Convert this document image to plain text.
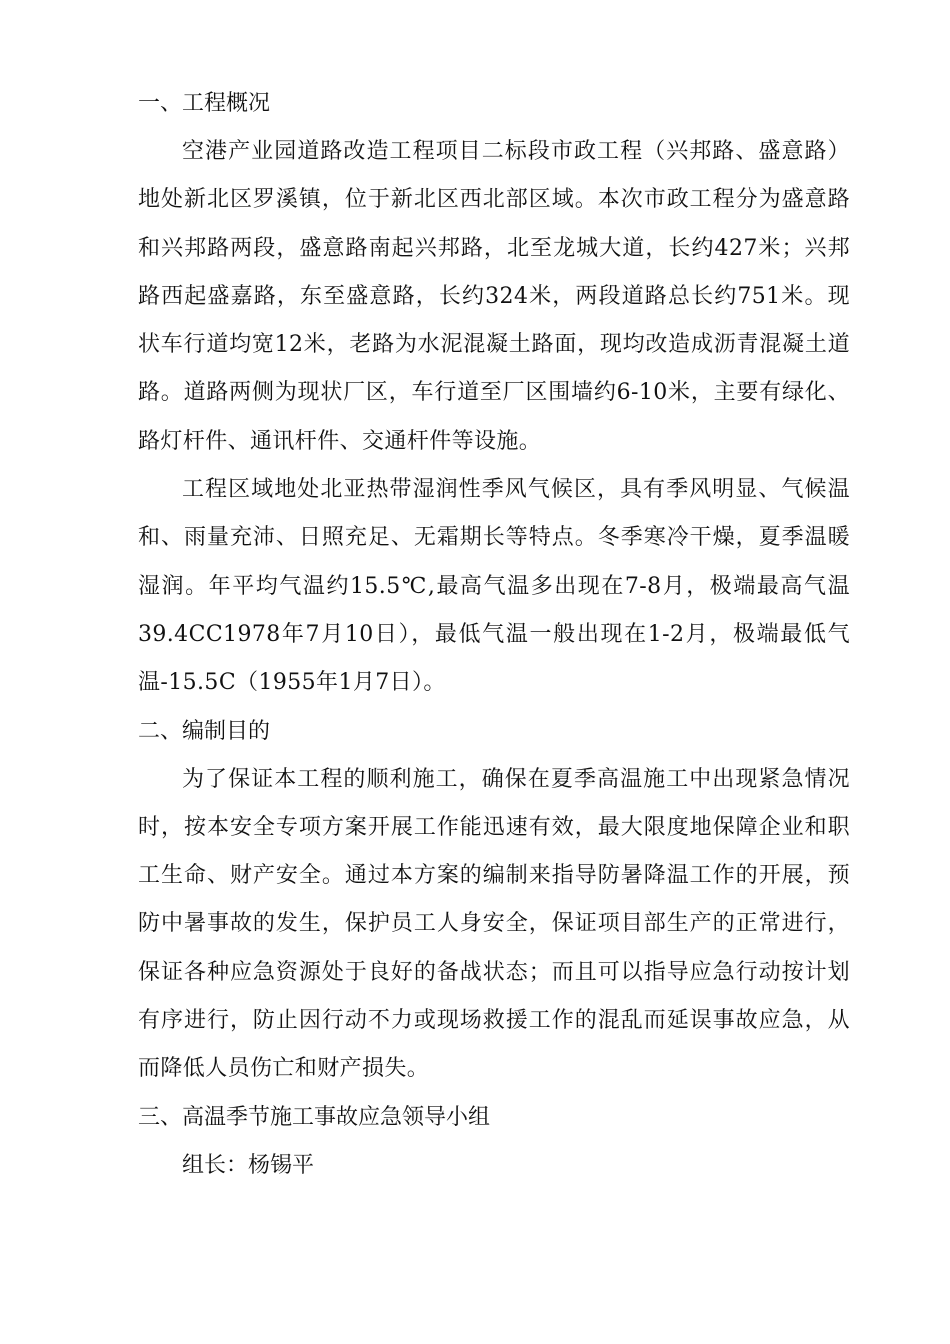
一、工程概况

空港产业园道路改造工程项目二标段市政工程（兴邦路、盛意路）地处新北区罗溪镇，位于新北区西北部区域。本次市政工程分为盛意路和兴邦路两段，盛意路南起兴邦路，北至龙城大道，长约427米；兴邦路西起盛嘉路，东至盛意路，长约324米，两段道路总长约751米。现状车行道均宽12米，老路为水泥混凝土路面，现均改造成沥青混凝土道路。道路两侧为现状厂区，车行道至厂区围墙约6-10米，主要有绿化、路灯杆件、通讯杆件、交通杆件等设施。

工程区域地处北亚热带湿润性季风气候区，具有季风明显、气候温和、雨量充沛、日照充足、无霜期长等特点。冬季寒冷干燥，夏季温暖湿润。年平均气温约15.5℃,最高气温多出现在7-8月，极端最高气温39.4CC1978年7月10日），最低气温一般出现在1-2月，极端最低气温-15.5C（1955年1月7日）。

二、编制目的

为了保证本工程的顺利施工，确保在夏季高温施工中出现紧急情况时，按本安全专项方案开展工作能迅速有效，最大限度地保障企业和职工生命、财产安全。通过本方案的编制来指导防暑降温工作的开展，预防中暑事故的发生，保护员工人身安全，保证项目部生产的正常进行，保证各种应急资源处于良好的备战状态；而且可以指导应急行动按计划有序进行，防止因行动不力或现场救援工作的混乱而延误事故应急，从而降低人员伤亡和财产损失。

三、高温季节施工事故应急领导小组

组长：杨锡平
